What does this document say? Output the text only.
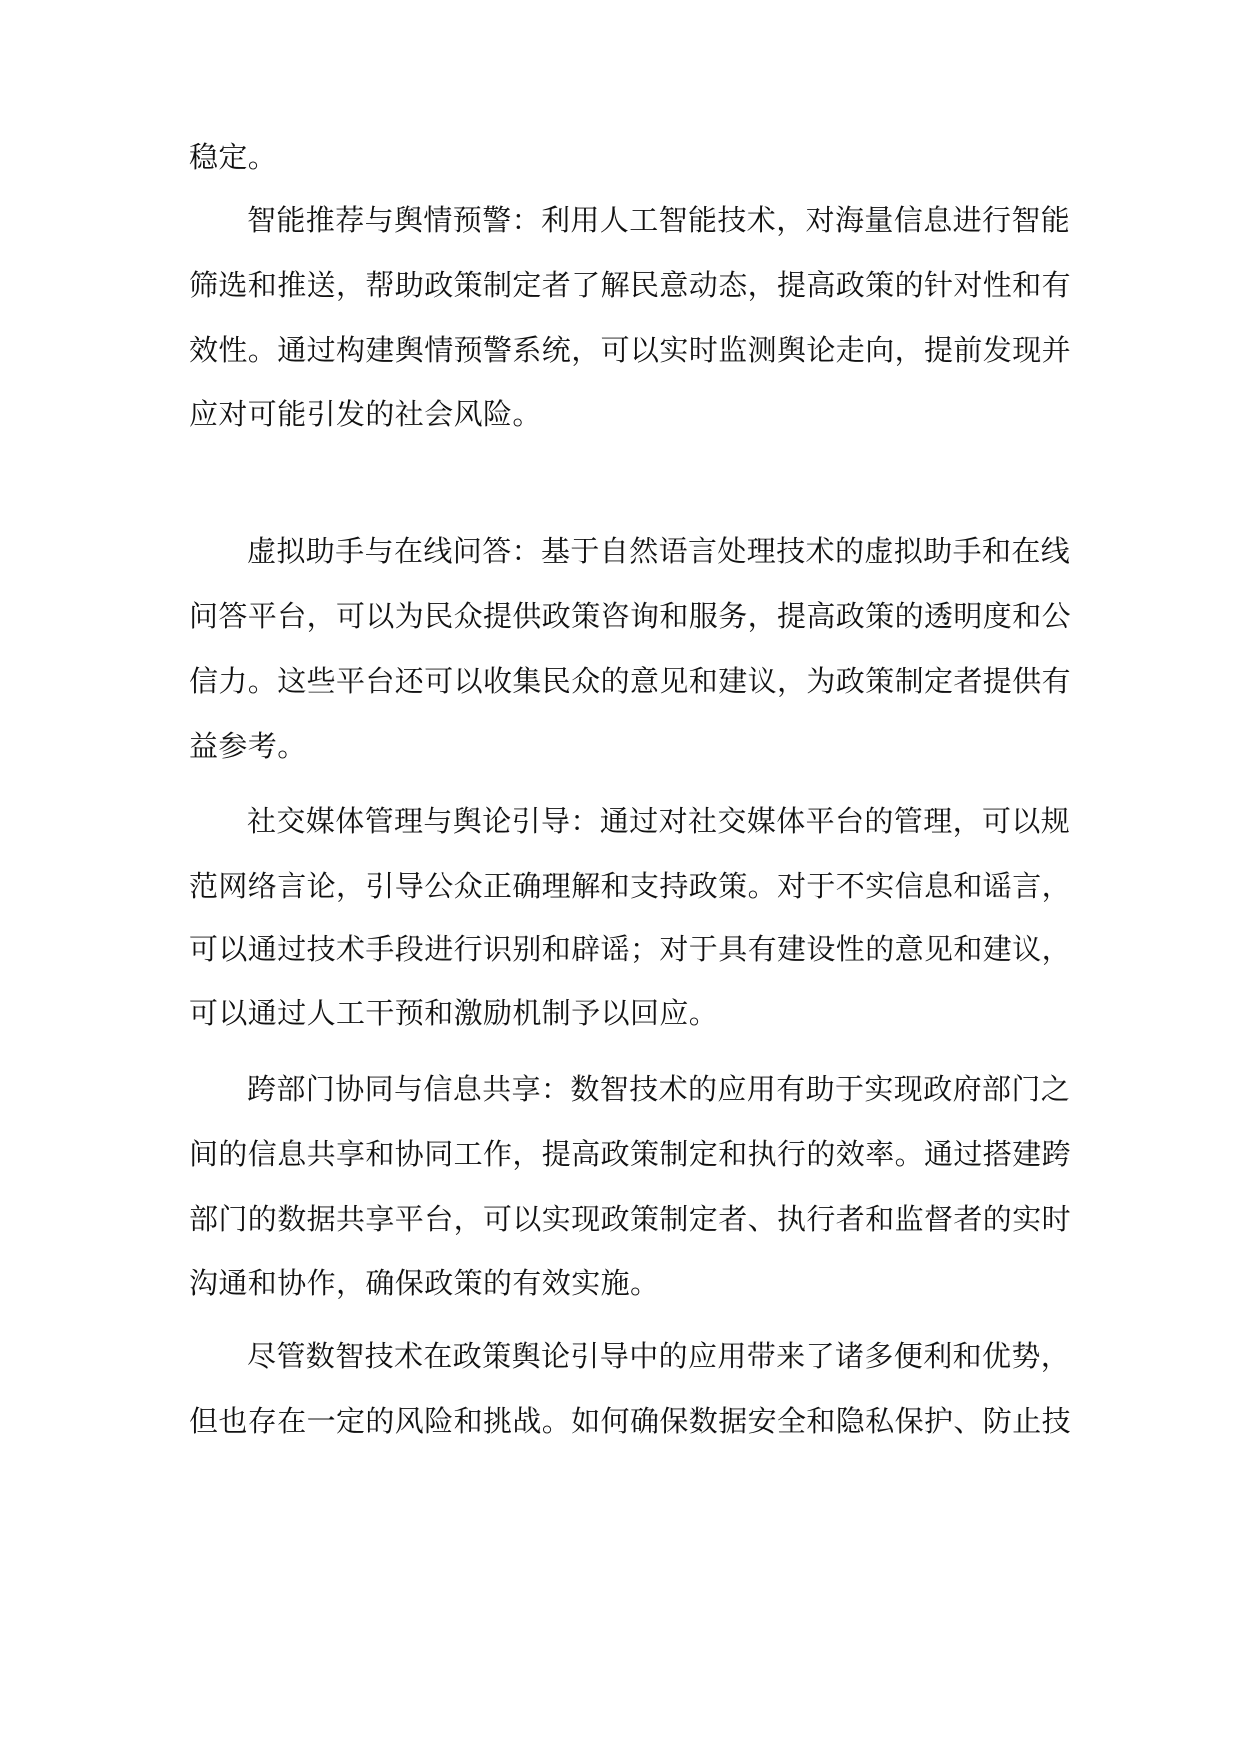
稳定。
智能推荐与舆情预警：利用人工智能技术，对海量信息进行智能
筛选和推送，帮助政策制定者了解民意动态，提高政策的针对性和有
效性。通过构建舆情预警系统，可以实时监测舆论走向，提前发现并
应对可能引发的社会风险。
虚拟助手与在线问答：基于自然语言处理技术的虚拟助手和在线
问答平台，可以为民众提供政策咨询和服务，提高政策的透明度和公
信力。这些平台还可以收集民众的意见和建议，为政策制定者提供有
益参考。
社交媒体管理与舆论引导：通过对社交媒体平台的管理，可以规
范网络言论，引导公众正确理解和支持政策。对于不实信息和谣言，
可以通过技术手段进行识别和辟谣；对于具有建设性的意见和建议，
可以通过人工干预和激励机制予以回应。
跨部门协同与信息共享：数智技术的应用有助于实现政府部门之
间的信息共享和协同工作，提高政策制定和执行的效率。通过搭建跨
部门的数据共享平台，可以实现政策制定者、执行者和监督者的实时
沟通和协作，确保政策的有效实施。
尽管数智技术在政策舆论引导中的应用带来了诸多便利和优势，
但也存在一定的风险和挑战。如何确保数据安全和隐私保护、防止技
